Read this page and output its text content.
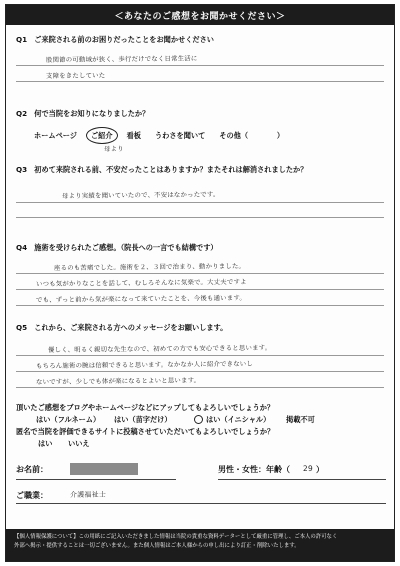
＜あなたのご感想をお聞かせください＞
Q1　ご来院される前のお困りだったことをお聞かせください
股関節の可動域が狭く、歩行だけでなく日常生活に
支障をきたしていた
Q2　何で当院をお知りになりましたか？
ホームページ ご紹介 看板 うわさを聞いて その他（　　　　	）
母より
Q3　初めて来院される前、不安だったことはありますか？またそれは解消されましたか？
母より実績を聞いていたので、不安はなかったです。
Q4　施術を受けられたご感想。（院長への一言でも結構です）
座るのも苦痛でした。施術を２、３回で治まり、動かりました。
いつも気がかりなことを話して、むしろそんなに気楽で。大丈夫ですよ
でも、ずっと前から気が楽になって来ていたことを、今後も通います。
Q5　これから、ご来院される方へのメッセージをお願いします。
優しく、明るく親切な先生なので、初めての方でも安心できると思います。
もちろん施術の腕は信頼できると思います。なかなか人に紹介できないし
ないですが、少しでも体が楽になるとよいと思います。
頂いたご感想をブログやホームページなどにアップしてもよろしいでしょうか？
はい（フルネーム） はい（苗字だけ）	はい（イニシャル） 掲載不可
匿名で当院を評価できるサイトに投稿させていただいてもよろしいでしょうか？
はい いいえ
お名前：	男性・女性：年齢（ 29 ）
ご職業：	介護福祉士
【個人情報保護について】この用紙にご記入いただきました情報は当院の貴重な資料データーとして厳重に管理し、ご本人の許可なく
外部へ掲示・提供することは一切ございません。また個人情報はご本人様からの申し出により訂正・削除いたします。
